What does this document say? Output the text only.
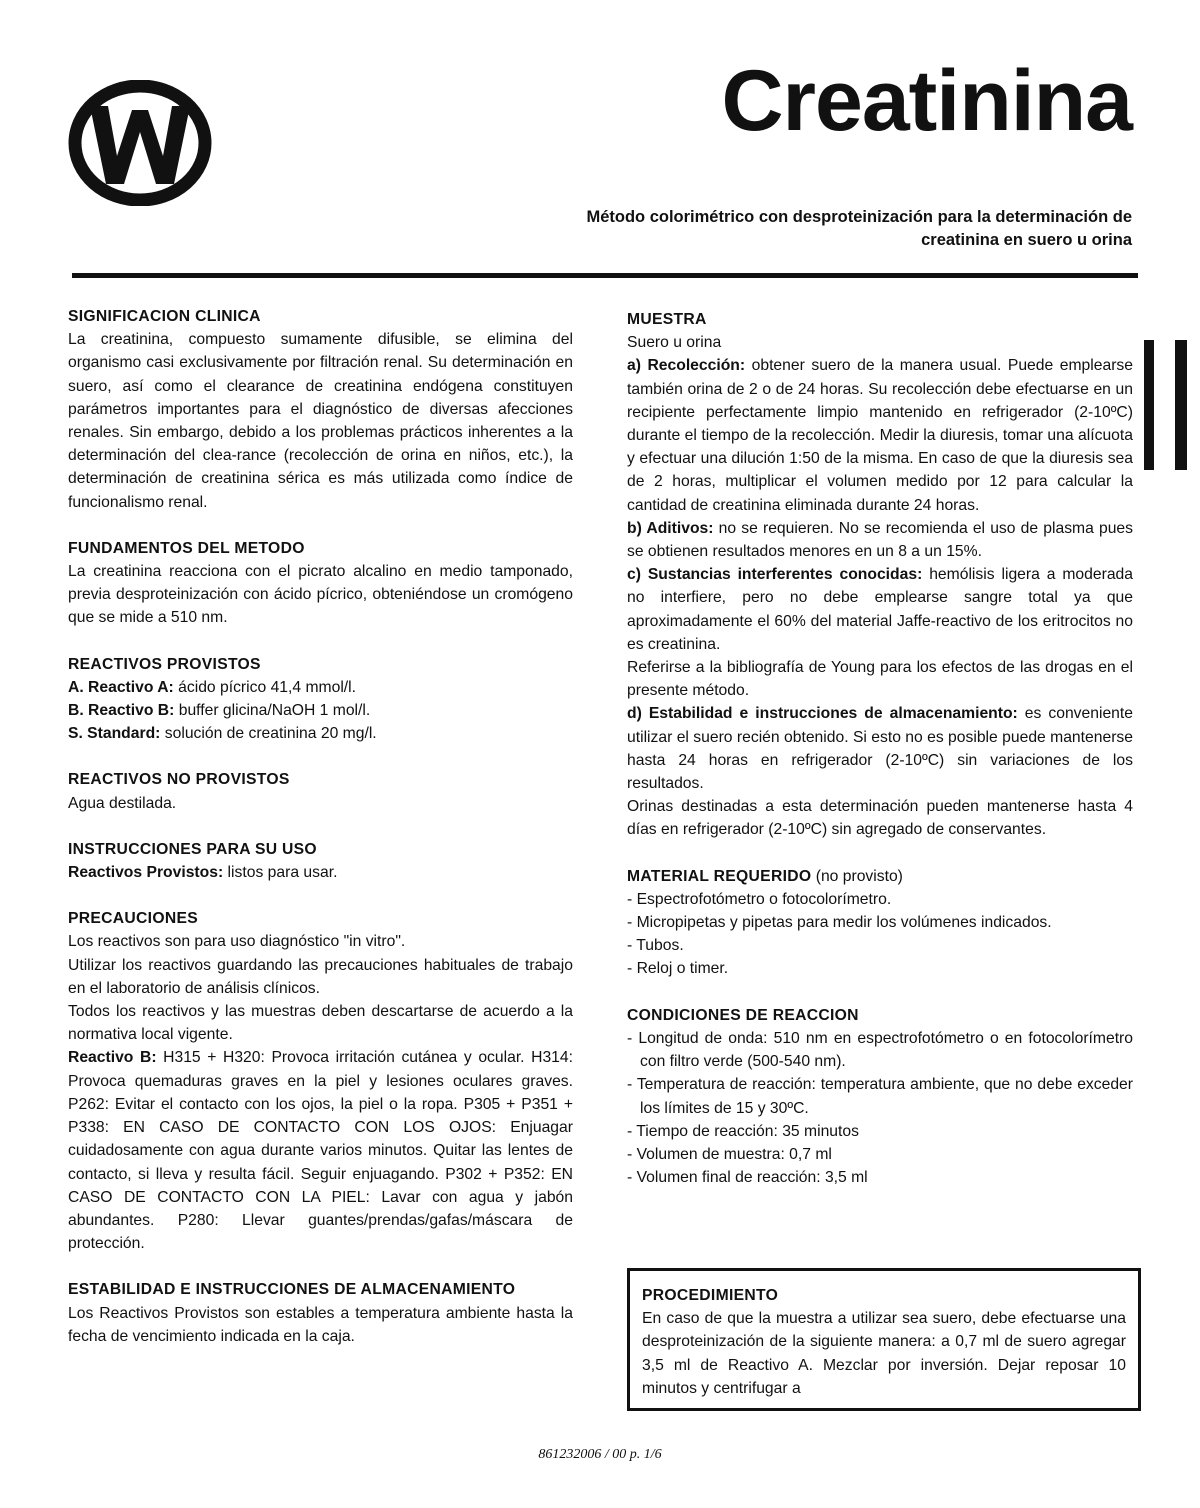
Creatinina

Método colorimétrico con desproteinización para la determinación de creatinina en suero u orina

SIGNIFICACION CLINICA

La creatinina, compuesto sumamente difusible, se elimina del organismo casi exclusivamente por filtración renal. Su determinación en suero, así como el clearance de creatinina endógena constituyen parámetros importantes para el diagnóstico de diversas afecciones renales. Sin embargo, debido a los problemas prácticos inherentes a la determinación del clea-rance (recolección de orina en niños, etc.), la determinación de creatinina sérica es más utilizada como índice de funcionalismo renal.

FUNDAMENTOS DEL METODO

La creatinina reacciona con el picrato alcalino en medio tamponado, previa desproteinización con ácido pícrico, obteniéndose un cromógeno que se mide a 510 nm.

REACTIVOS PROVISTOS

A. Reactivo A: ácido pícrico 41,4 mmol/l.

B. Reactivo B: buffer glicina/NaOH 1 mol/l.

S. Standard: solución de creatinina 20 mg/l.

REACTIVOS NO PROVISTOS

Agua destilada.

INSTRUCCIONES PARA SU USO

Reactivos Provistos: listos para usar.

PRECAUCIONES

Los reactivos son para uso diagnóstico "in vitro".

Utilizar los reactivos guardando las precauciones habituales de trabajo en el laboratorio de análisis clínicos.

Todos los reactivos y las muestras deben descartarse de acuerdo a la normativa local vigente.

Reactivo B: H315 + H320: Provoca irritación cutánea y ocular. H314: Provoca quemaduras graves en la piel y lesiones oculares graves. P262: Evitar el contacto con los ojos, la piel o la ropa. P305 + P351 + P338: EN CASO DE CONTACTO CON LOS OJOS: Enjuagar cuidadosamente con agua durante varios minutos. Quitar las lentes de contacto, si lleva y resulta fácil. Seguir enjuagando. P302 + P352: EN CASO DE CONTACTO CON LA PIEL: Lavar con agua y jabón abundantes. P280: Llevar guantes/prendas/gafas/máscara de protección.

ESTABILIDAD E INSTRUCCIONES DE ALMACENAMIENTO

Los Reactivos Provistos son estables a temperatura ambiente hasta la fecha de vencimiento indicada en la caja.

MUESTRA

Suero u orina

a) Recolección: obtener suero de la manera usual. Puede emplearse también orina de 2 o de 24 horas. Su recolección debe efectuarse en un recipiente perfectamente limpio mantenido en refrigerador (2-10ºC) durante el tiempo de la recolección. Medir la diuresis, tomar una alícuota y efectuar una dilución 1:50 de la misma. En caso de que la diuresis sea de 2 horas, multiplicar el volumen medido por 12 para calcular la cantidad de creatinina eliminada durante 24 horas.

b) Aditivos: no se requieren. No se recomienda el uso de plasma pues se obtienen resultados menores en un 8 a un 15%.

c) Sustancias interferentes conocidas: hemólisis ligera a moderada no interfiere, pero no debe emplearse sangre total ya que aproximadamente el 60% del material Jaffe-reactivo de los eritrocitos no es creatinina.

Referirse a la bibliografía de Young para los efectos de las drogas en el presente método.

d) Estabilidad e instrucciones de almacenamiento: es conveniente utilizar el suero recién obtenido. Si esto no es posible puede mantenerse hasta 24 horas en refrigerador (2-10ºC) sin variaciones de los resultados.

Orinas destinadas a esta determinación pueden mantenerse hasta 4 días en refrigerador (2-10ºC) sin agregado de conservantes.

MATERIAL REQUERIDO (no provisto)
- Espectrofotómetro o fotocolorímetro.
- Micropipetas y pipetas para medir los volúmenes indicados.
- Tubos.
- Reloj o timer.
CONDICIONES DE REACCION
- Longitud de onda: 510 nm en espectrofotómetro o en fotocolorímetro con filtro verde (500-540 nm).
- Temperatura de reacción: temperatura ambiente, que no debe exceder los límites de 15 y 30ºC.
- Tiempo de reacción: 35 minutos
- Volumen de muestra: 0,7 ml
- Volumen final de reacción: 3,5 ml
PROCEDIMIENTO

En caso de que la muestra a utilizar sea suero, debe efectuarse una desproteinización de la siguiente manera: a 0,7 ml de suero agregar 3,5 ml de Reactivo A. Mezclar por inversión. Dejar reposar 10 minutos y centrifugar a

861232006 / 00 p. 1/6
